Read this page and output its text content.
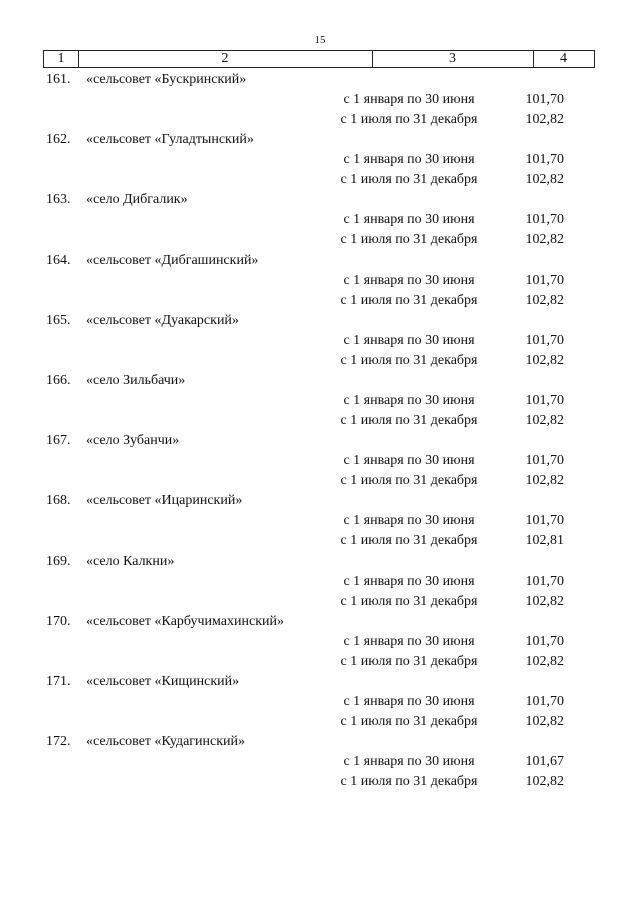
15
1	2	3	4
161.	«сельсовет «Бускринский»
с 1 января по 30 июня	101,70
с 1 июля по 31 декабря	102,82
162.	«сельсовет «Гуладтынский»
с 1 января по 30 июня	101,70
с 1 июля по 31 декабря	102,82
163.	«село Дибгалик»
с 1 января по 30 июня	101,70
с 1 июля по 31 декабря	102,82
164.	«сельсовет «Дибгашинский»
с 1 января по 30 июня	101,70
с 1 июля по 31 декабря	102,82
165.	«сельсовет «Дуакарский»
с 1 января по 30 июня	101,70
с 1 июля по 31 декабря	102,82
166.	«село Зильбачи»
с 1 января по 30 июня	101,70
с 1 июля по 31 декабря	102,82
167.	«село Зубанчи»
с 1 января по 30 июня	101,70
с 1 июля по 31 декабря	102,82
168.	«сельсовет «Ицаринский»
с 1 января по 30 июня	101,70
с 1 июля по 31 декабря	102,81
169.	«село Калкни»
с 1 января по 30 июня	101,70
с 1 июля по 31 декабря	102,82
170.	«сельсовет «Карбучимахинский»
с 1 января по 30 июня	101,70
с 1 июля по 31 декабря	102,82
171.	«сельсовет «Кищинский»
с 1 января по 30 июня	101,70
с 1 июля по 31 декабря	102,82
172.	«сельсовет «Кудагинский»
с 1 января по 30 июня	101,67
с 1 июля по 31 декабря	102,82
